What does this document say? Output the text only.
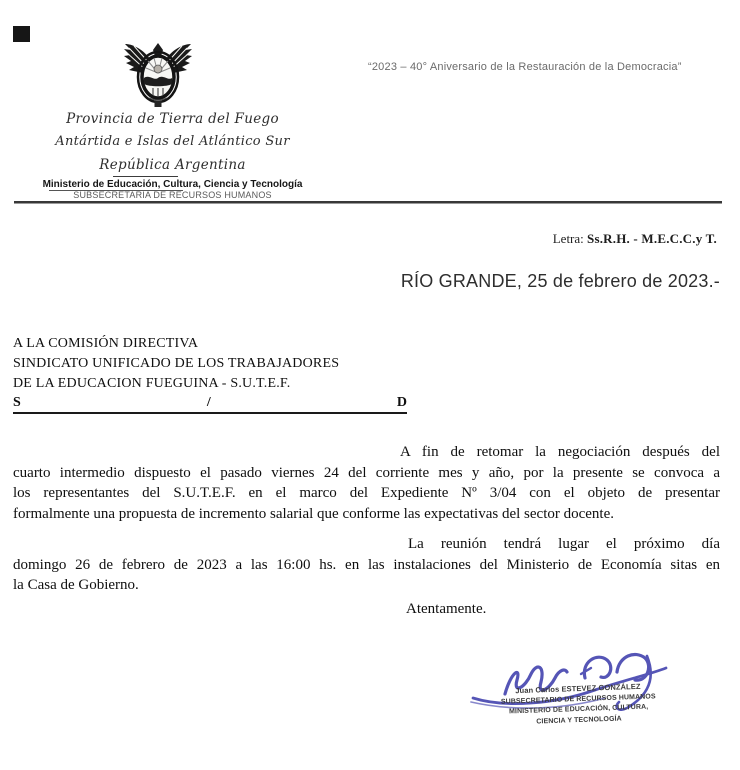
Provincia de Tierra del Fuego
Antártida e Islas del Atlántico Sur
República Argentina
Ministerio de Educación, Cultura, Ciencia y Tecnología
SUBSECRETARÍA DE RECURSOS HUMANOS
“2023 – 40° Aniversario de la Restauración de la Democracia”
Letra: Ss.R.H. - M.E.C.C.y T.
RÍO GRANDE, 25 de febrero de 2023.-
A LA COMISIÓN DIRECTIVA
SINDICATO UNIFICADO DE LOS TRABAJADORES
DE LA EDUCACION FUEGUINA - S.U.T.E.F.
S	/	D
A fin de retomar la negociación después del
cuarto intermedio dispuesto el pasado viernes 24 del corriente mes y año, por la presente se convoca a
los representantes del S.U.T.E.F. en el marco del Expediente Nº 3/04 con el objeto de presentar
formalmente una propuesta de incremento salarial que conforme las expectativas del sector docente.
La reunión tendrá lugar el próximo día
domingo 26 de febrero de 2023 a las 16:00 hs. en las instalaciones del Ministerio de Economía sitas en
la Casa de Gobierno.
Atentamente.
Juan Carlos ESTEVEZ GONZÁLEZ
SUBSECRETARIO DE RECURSOS HUMANOS
MINISTERIO DE EDUCACIÓN, CULTURA,
CIENCIA Y TECNOLOGÍA
